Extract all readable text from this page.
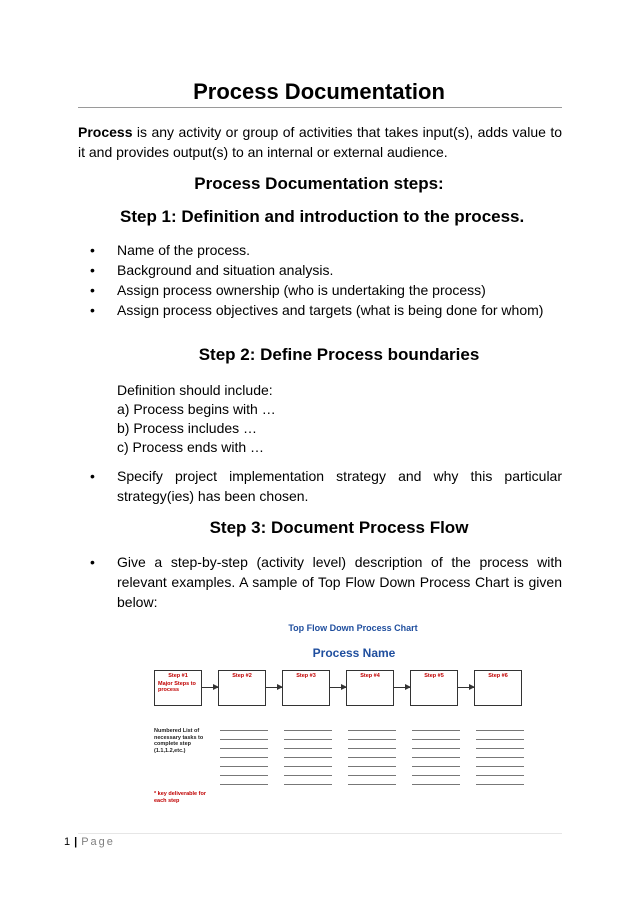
Process Documentation

Process is any activity or group of activities that takes input(s), adds value to it and provides output(s) to an internal or external audience.

Process Documentation steps:
Step 1: Definition and introduction to the process.
• Name of the process.
• Background and situation analysis.
• Assign process ownership (who is undertaking the process)
• Assign process objectives and targets (what is being done for whom)
Step 2: Define Process boundaries
Definition should include:
a) Process begins with …
b) Process includes …
c) Process ends with …
• Specify project implementation strategy and why this particular strategy(ies) has been chosen.
Step 3: Document Process Flow
• Give a step-by-step (activity level) description of the process with relevant examples. A sample of Top Flow Down Process Chart is given below:
Top Flow Down Process Chart
Process Name
Step #1
Major Steps to process
Step #2	Step #3	Step #4	Step #5	Step #6
Numbered List of necessary tasks to complete step (1.1,1.2,etc.)
* key deliverable for each step
1 | Page
